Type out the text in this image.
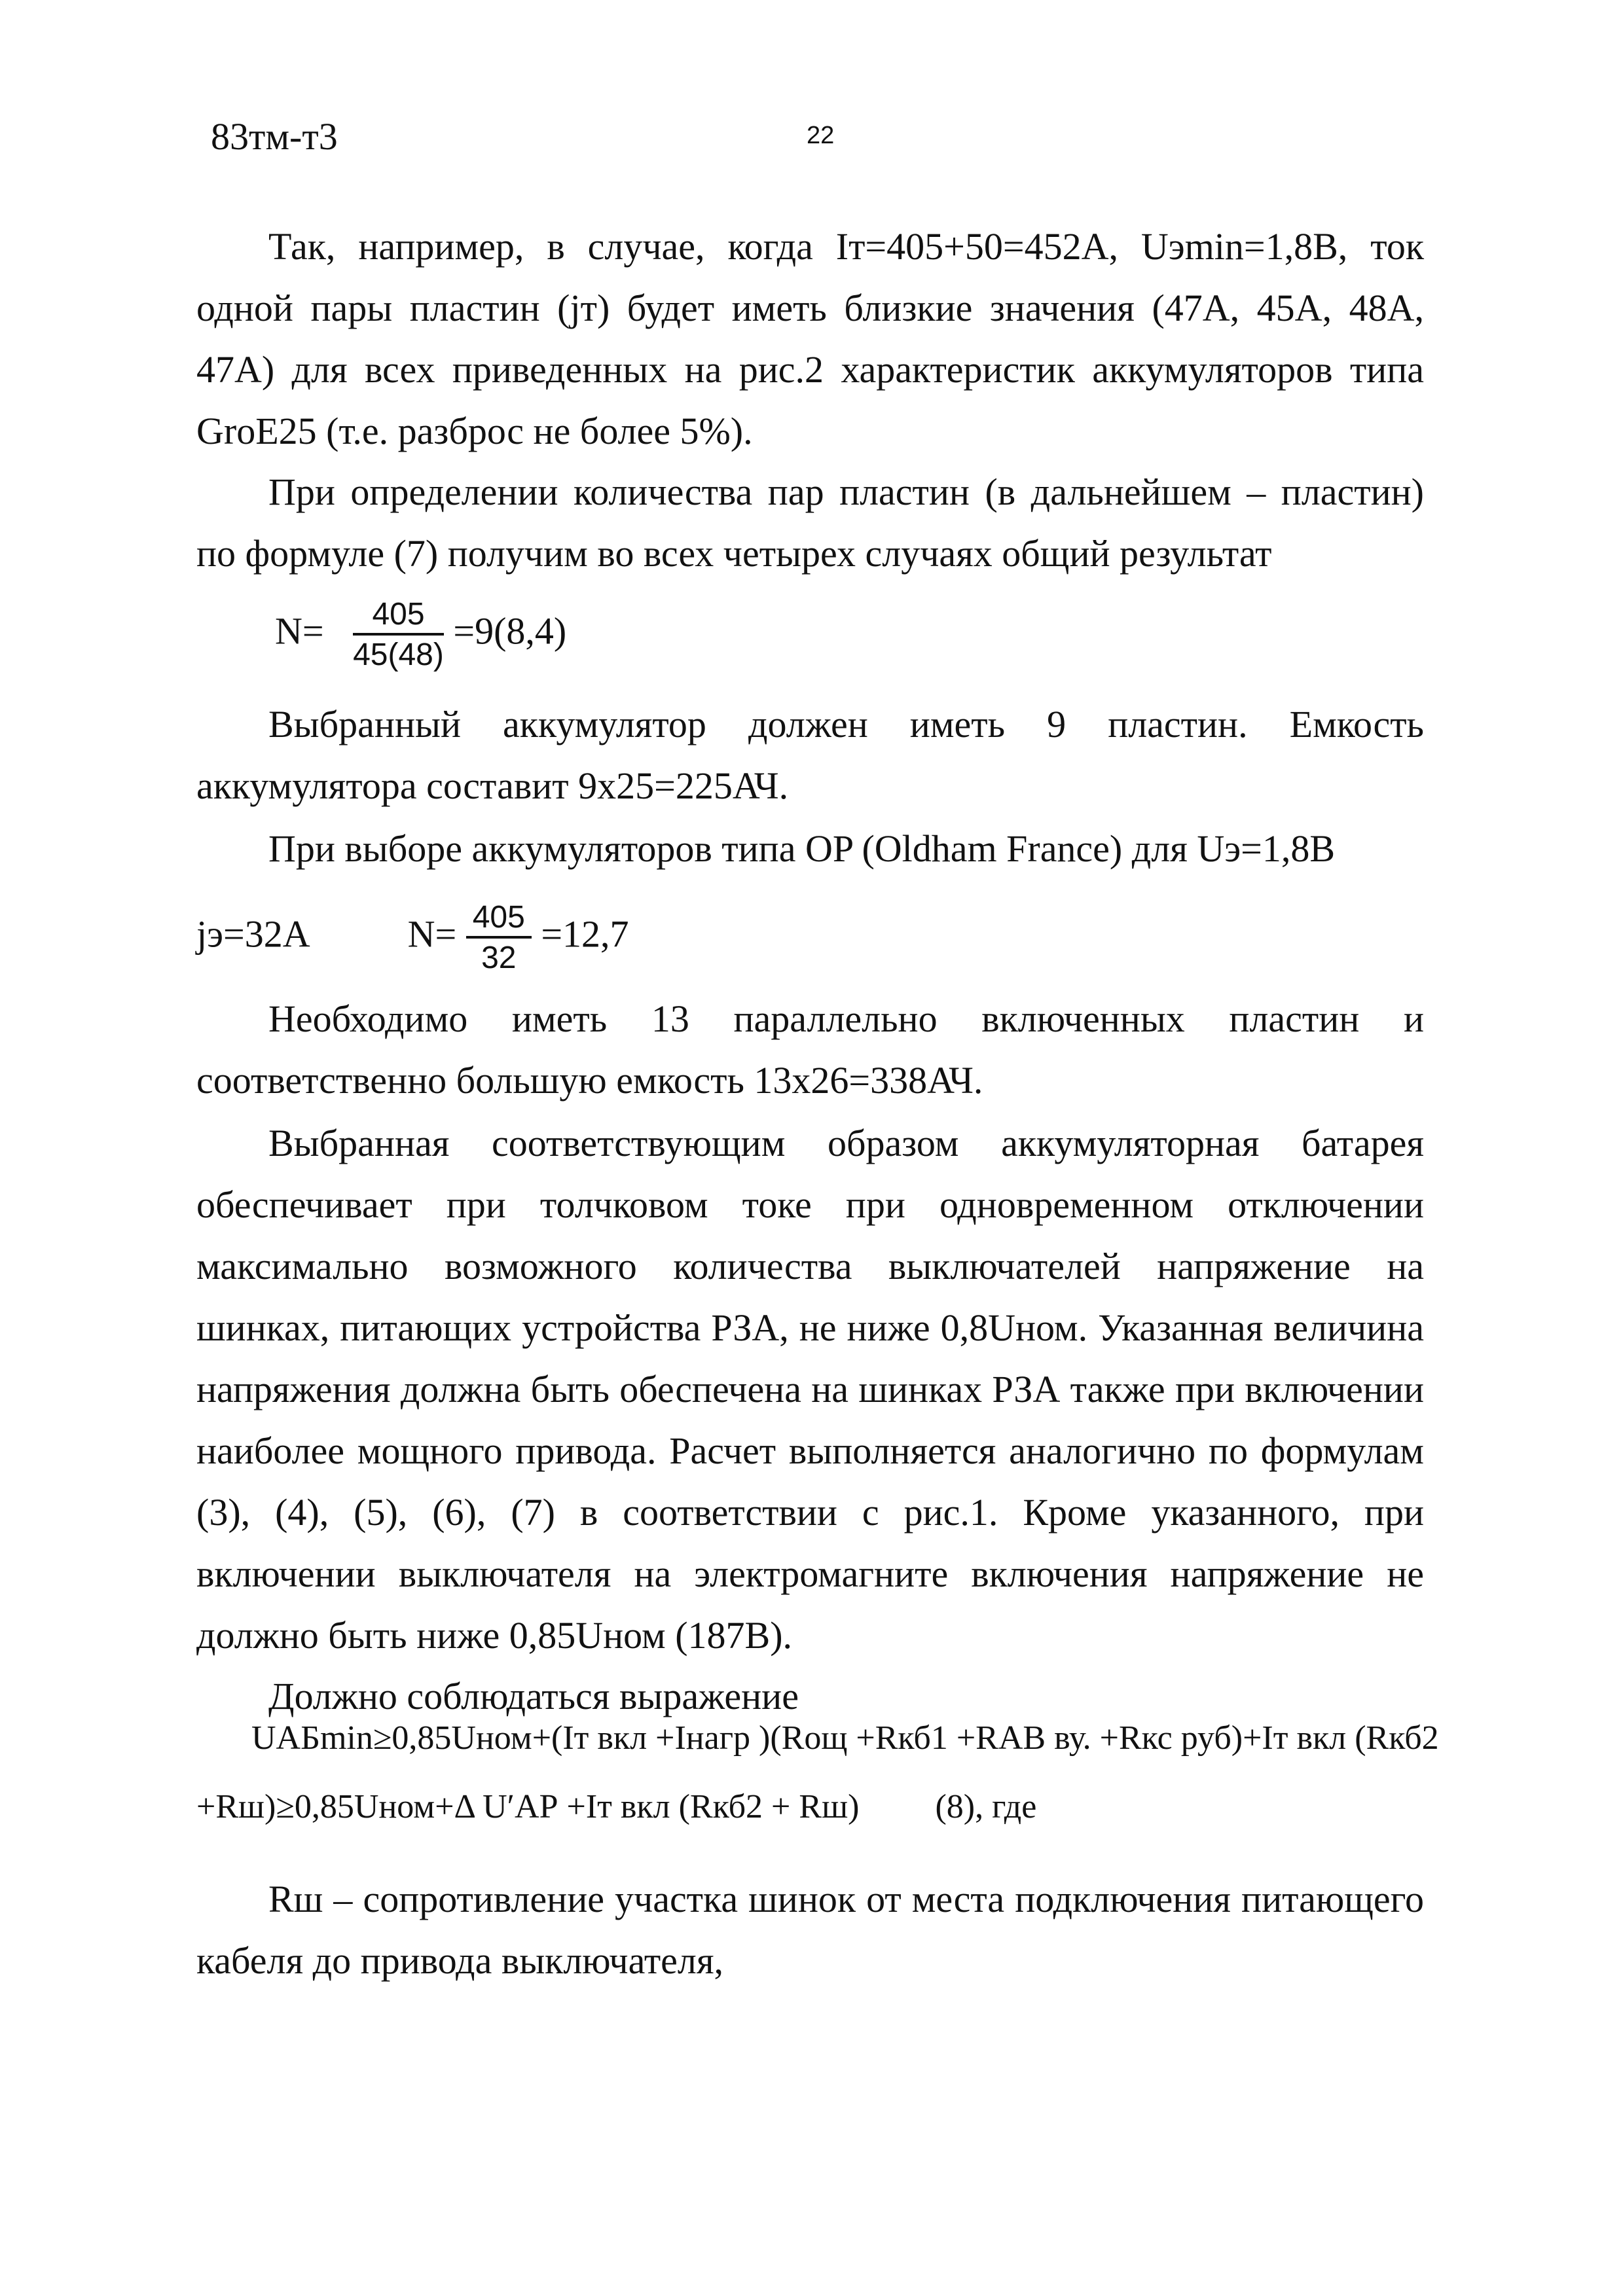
83тм-т3	22

Так, например, в случае, когда Iт=405+50=452А, Uэmin=1,8В, ток одной пары пластин (jт) будет иметь близкие значения (47А, 45А, 48А, 47А) для всех приведенных на рис.2 характеристик аккумуляторов типа GroE25 (т.е. разброс не более 5%).

При определении количества пар пластин (в дальнейшем – пластин) по формуле (7) получим во всех четырех случаях общий результат

$N= \frac{405}{45(48)} =9(8,4)$

Выбранный аккумулятор должен иметь 9 пластин. Емкость аккумулятора составит 9х25=225АЧ.

При выборе аккумуляторов типа OP (Oldham France) для Uэ=1,8В

jэ=32А	$N= \frac{405}{32} =12,7$

Необходимо иметь 13 параллельно включенных пластин и соответственно большую емкость 13х26=338АЧ.

Выбранная соответствующим образом аккумуляторная батарея обеспечивает при толчковом токе при одновременном отключении максимально возможного количества выключателей напряжение на шинках, питающих устройства РЗА, не ниже 0,8Uном. Указанная величина напряжения должна быть обеспечена на шинках РЗА также при включении наиболее мощного привода. Расчет выполняется аналогично по формулам (3), (4), (5), (6), (7) в соответствии с рис.1. Кроме указанного, при включении выключателя на электромагните включения напряжение не должно быть ниже 0,85Uном (187В).

Должно соблюдаться выражение

UАБmin≥0,85Uном+(Iт вкл +Iнагр )(Rощ +Rкб1 +RАВ ву. +Rкс руб)+Iт вкл (Rкб2
+Rш)≥0,85Uном+Δ U′АР +Iт вкл (Rкб2 + Rш) (8), где

Rш – сопротивление участка шинок от места подключения питающего кабеля до привода выключателя,
